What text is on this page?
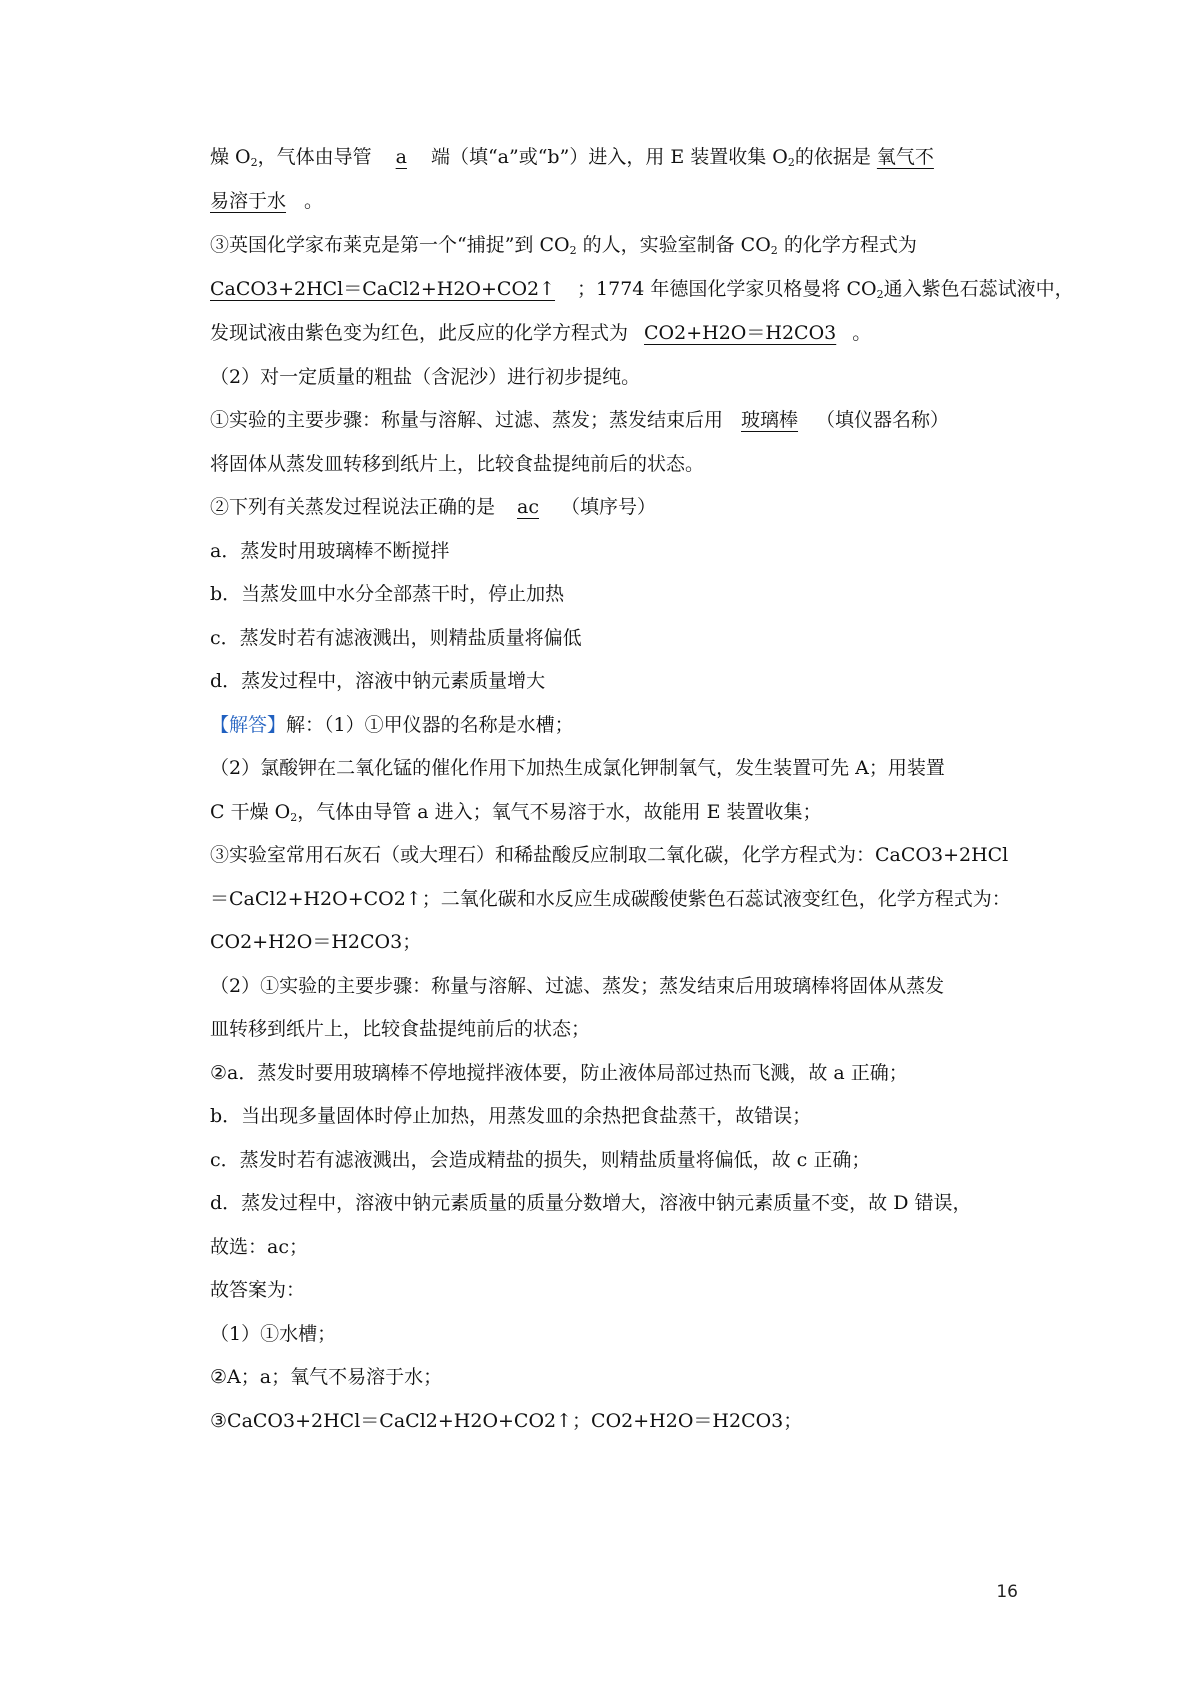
燥 $O_2$，气体由导管 a 端（填“a”或“b”）进入，用 E 装置收集 $O_2$的依据是 氧气不
易溶于水 。
③英国化学家布莱克是第一个“捕捉”到 $CO_2$ 的人，实验室制备 $CO_2$ 的化学方程式为
CaCO3+2HCl＝CaCl2+H2O+CO2↑ ；1774 年德国化学家贝格曼将 $CO_2$通入紫色石蕊试液中，
发现试液由紫色变为红色，此反应的化学方程式为 CO2+H2O＝H2CO3 。
（2）对一定质量的粗盐（含泥沙）进行初步提纯。
①实验的主要步骤：称量与溶解、过滤、蒸发；蒸发结束后用 玻璃棒 （填仪器名称）
将固体从蒸发皿转移到纸片上，比较食盐提纯前后的状态。
②下列有关蒸发过程说法正确的是 ac （填序号）
a．蒸发时用玻璃棒不断搅拌
b．当蒸发皿中水分全部蒸干时，停止加热
c．蒸发时若有滤液溅出，则精盐质量将偏低
d．蒸发过程中，溶液中钠元素质量增大
【解答】解：（1）①甲仪器的名称是水槽；
（2）氯酸钾在二氧化锰的催化作用下加热生成氯化钾制氧气，发生装置可先 A；用装置
C 干燥 $O_2$，气体由导管 a 进入；氧气不易溶于水，故能用 E 装置收集；
③实验室常用石灰石（或大理石）和稀盐酸反应制取二氧化碳，化学方程式为：CaCO3+2HCl
＝CaCl2+H2O+CO2↑；二氧化碳和水反应生成碳酸使紫色石蕊试液变红色，化学方程式为：
CO2+H2O＝H2CO3；
（2）①实验的主要步骤：称量与溶解、过滤、蒸发；蒸发结束后用玻璃棒将固体从蒸发
皿转移到纸片上，比较食盐提纯前后的状态；
②a．蒸发时要用玻璃棒不停地搅拌液体要，防止液体局部过热而飞溅，故 a 正确；
b．当出现多量固体时停止加热，用蒸发皿的余热把食盐蒸干，故错误；
c．蒸发时若有滤液溅出，会造成精盐的损失，则精盐质量将偏低，故 c 正确；
d．蒸发过程中，溶液中钠元素质量的质量分数增大，溶液中钠元素质量不变，故 D 错误，
故选：ac；
故答案为：
（1）①水槽；
②A；a；氧气不易溶于水；
③CaCO3+2HCl＝CaCl2+H2O+CO2↑；CO2+H2O＝H2CO3；
16
